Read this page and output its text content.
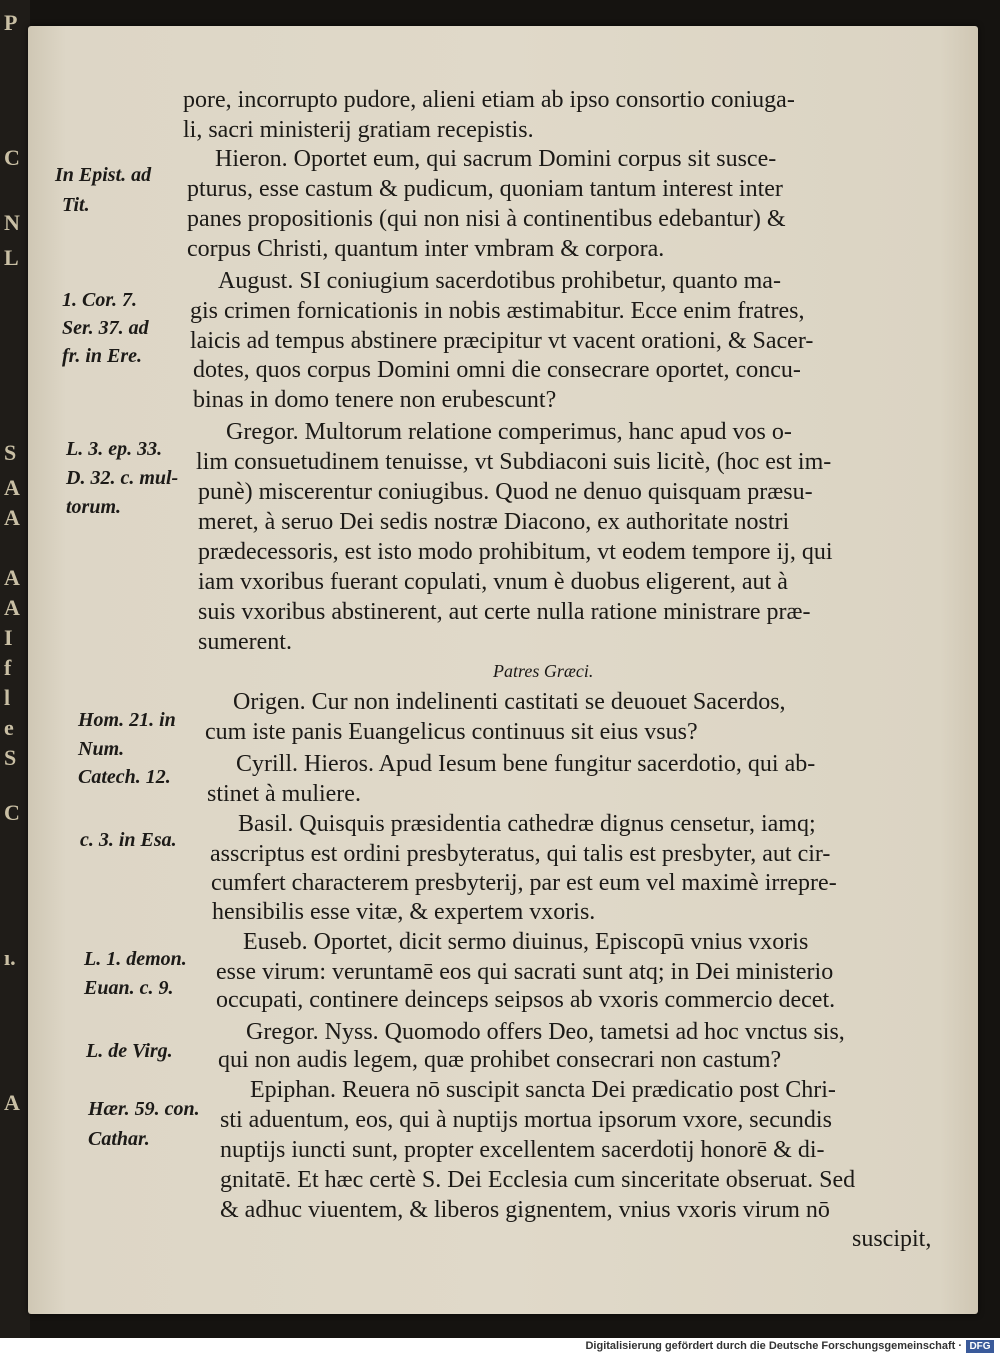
P
C
N
L
S
A
A
A
A
I
f
l
e
S
C
ı.
A
pore, incorrupto pudore, alieni etiam ab ipso consortio coniuga-
li, sacri ministerij gratiam recepistis.
Hieron. Oportet eum, qui sacrum Domini corpus sit susce-
pturus, esse castum & pudicum, quoniam tantum interest inter
panes propositionis (qui non nisi à continentibus edebantur) &
corpus Christi, quantum inter vmbram & corpora.
August. SI coniugium sacerdotibus prohibetur, quanto ma-
gis crimen fornicationis in nobis æstimabitur. Ecce enim fratres,
laicis ad tempus abstinere præcipitur vt vacent orationi, & Sacer-
dotes, quos corpus Domini omni die consecrare oportet, concu-
binas in domo tenere non erubescunt?
Gregor. Multorum relatione comperimus, hanc apud vos o-
lim consuetudinem tenuisse, vt Subdiaconi suis licitè, (hoc est im-
punè) miscerentur coniugibus. Quod ne denuo quisquam præsu-
meret, à seruo Dei sedis nostræ Diacono, ex authoritate nostri
prædecessoris, est isto modo prohibitum, vt eodem tempore ij, qui
iam vxoribus fuerant copulati, vnum è duobus eligerent, aut à
suis vxoribus abstinerent, aut certe nulla ratione ministrare præ-
sumerent.
Patres Græci.
Origen. Cur non indelinenti castitati se deuouet Sacerdos,
cum iste panis Euangelicus continuus sit eius vsus?
Cyrill. Hieros. Apud Iesum bene fungitur sacerdotio, qui ab-
stinet à muliere.
Basil. Quisquis præsidentia cathedræ dignus censetur, iamq;
asscriptus est ordini presbyteratus, qui talis est presbyter, aut cir-
cumfert characterem presbyterij, par est eum vel maximè irrepre-
hensibilis esse vitæ, & expertem vxoris.
Euseb. Oportet, dicit sermo diuinus, Episcopū vnius vxoris
esse virum: veruntamē eos qui sacrati sunt atq; in Dei ministerio
occupati, continere deinceps seipsos ab vxoris commercio decet.
Gregor. Nyss. Quomodo offers Deo, tametsi ad hoc vnctus sis,
qui non audis legem, quæ prohibet consecrari non castum?
Epiphan. Reuera nō suscipit sancta Dei prædicatio post Chri-
sti aduentum, eos, qui à nuptijs mortua ipsorum vxore, secundis
nuptijs iuncti sunt, propter excellentem sacerdotij honorē & di-
gnitatē. Et hæc certè S. Dei Ecclesia cum sinceritate obseruat. Sed
& adhuc viuentem, & liberos gignentem, vnius vxoris virum nō
suscipit,
In Epist. ad
Tit.
1. Cor. 7.
Ser. 37. ad
fr. in Ere.
L. 3. ep. 33.
D. 32. c. mul-
torum.
Hom. 21. in
Num.
Catech. 12.
c. 3. in Esa.
L. 1. demon.
Euan. c. 9.
L. de Virg.
Hær. 59. con.
Cathar.
Digitalisierung gefördert durch die Deutsche Forschungsgemeinschaft · DFG
